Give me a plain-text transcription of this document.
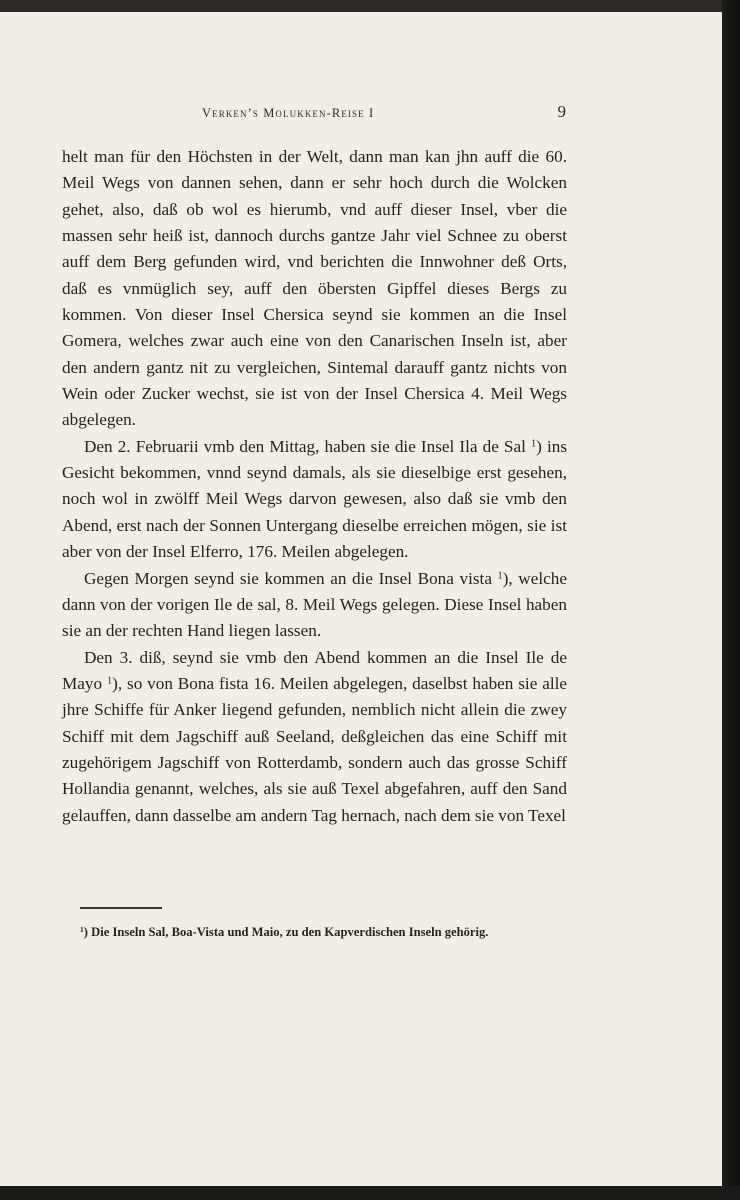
Verken’s Molukken-Reise I	9

helt man für den Höchsten in der Welt, dann man kan jhn auff die 60. Meil Wegs von dannen sehen, dann er sehr hoch durch die Wolcken gehet, also, daß ob wol es hierumb, vnd auff dieser Insel, vber die massen sehr heiß ist, dannoch durchs gantze Jahr viel Schnee zu oberst auff dem Berg gefunden wird, vnd berichten die Innwohner deß Orts, daß es vnmüglich sey, auff den öbersten Gipffel dieses Bergs zu kommen. Von dieser Insel Chersica seynd sie kommen an die Insel Gomera, welches zwar auch eine von den Canarischen Inseln ist, aber den andern gantz nit zu vergleichen, Sintemal darauff gantz nichts von Wein oder Zucker wechst, sie ist von der Insel Chersica 4. Meil Wegs abgelegen.

Den 2. Februarii vmb den Mittag, haben sie die Insel Ila de Sal $^1$) ins Gesicht bekommen, vnnd seynd damals, als sie dieselbige erst gesehen, noch wol in zwölff Meil Wegs darvon gewesen, also daß sie vmb den Abend, erst nach der Sonnen Untergang dieselbe erreichen mögen, sie ist aber von der Insel Elferro, 176. Meilen abgelegen.

Gegen Morgen seynd sie kommen an die Insel Bona vista $^1$), welche dann von der vorigen Ile de sal, 8. Meil Wegs gelegen. Diese Insel haben sie an der rechten Hand liegen lassen.

Den 3. diß, seynd sie vmb den Abend kommen an die Insel Ile de Mayo $^1$), so von Bona fista 16. Meilen abgelegen, daselbst haben sie alle jhre Schiffe für Anker liegend gefunden, nemblich nicht allein die zwey Schiff mit dem Jagschiff auß Seeland, deßgleichen das eine Schiff mit zugehörigem Jagschiff von Rotterdamb, sondern auch das grosse Schiff Hollandia genannt, welches, als sie auß Texel abgefahren, auff den Sand gelauffen, dann dasselbe am andern Tag hernach, nach dem sie von Texel

$^1$) Die Inseln Sal, Boa-Vista und Maio, zu den Kapverdischen Inseln gehörig.
